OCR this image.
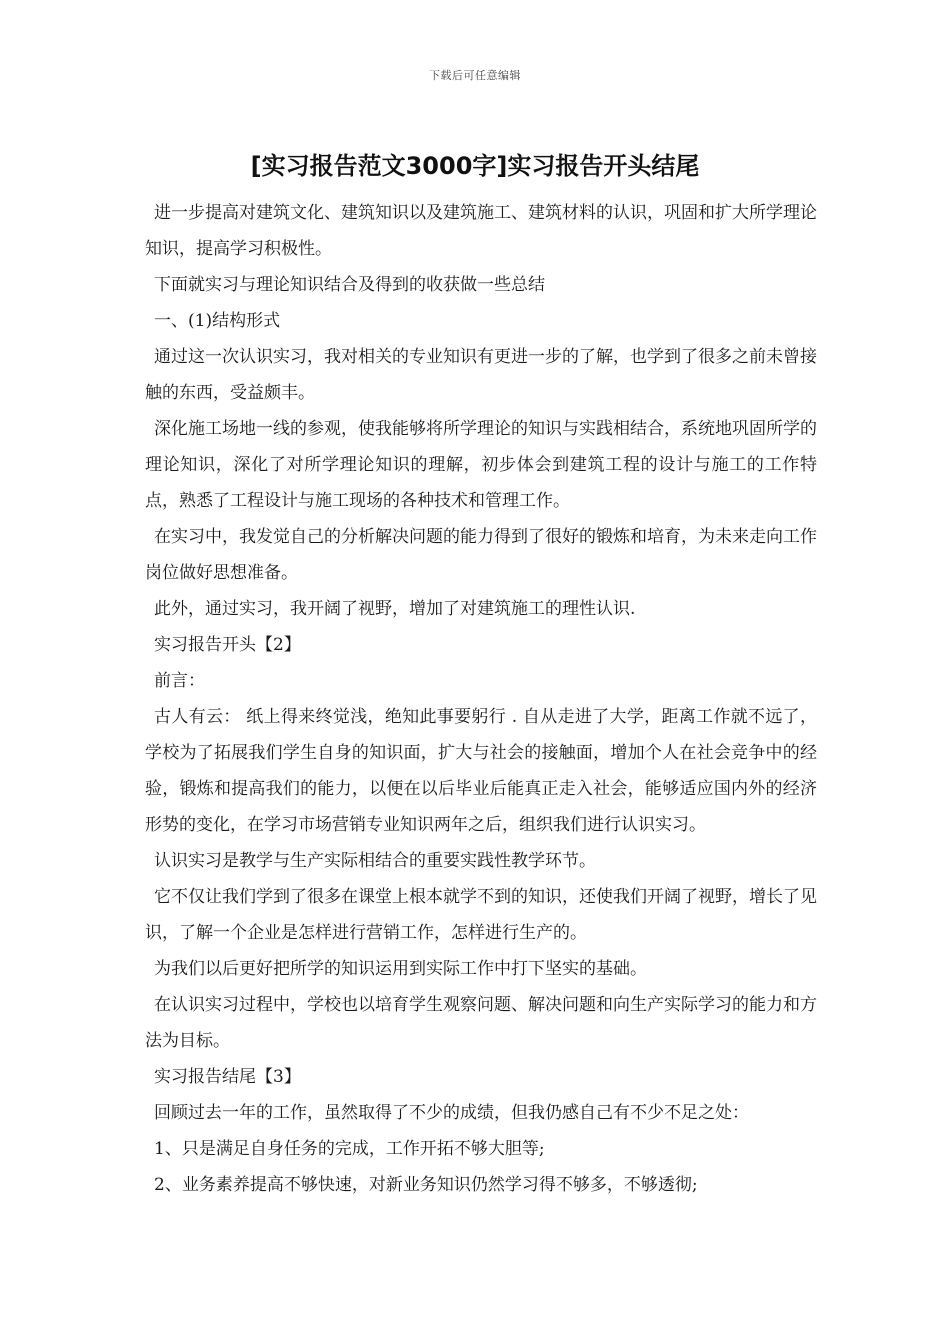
下载后可任意编辑
[实习报告范文3000字]实习报告开头结尾

进一步提高对建筑文化、建筑知识以及建筑施工、建筑材料的认识，巩固和扩大所学理论知识，提高学习积极性。

下面就实习与理论知识结合及得到的收获做一些总结

一、(1)结构形式

通过这一次认识实习，我对相关的专业知识有更进一步的了解，也学到了很多之前未曾接触的东西，受益颇丰。

深化施工场地一线的参观，使我能够将所学理论的知识与实践相结合，系统地巩固所学的理论知识，深化了对所学理论知识的理解，初步体会到建筑工程的设计与施工的工作特点，熟悉了工程设计与施工现场的各种技术和管理工作。

在实习中，我发觉自己的分析解决问题的能力得到了很好的锻炼和培育，为未来走向工作岗位做好思想准备。

此外，通过实习，我开阔了视野，增加了对建筑施工的理性认识.

实习报告开头【2】

前言：

古人有云： 纸上得来终觉浅，绝知此事要躬行 . 自从走进了大学，距离工作就不远了，学校为了拓展我们学生自身的知识面，扩大与社会的接触面，增加个人在社会竞争中的经验，锻炼和提高我们的能力，以便在以后毕业后能真正走入社会，能够适应国内外的经济形势的变化，在学习市场营销专业知识两年之后，组织我们进行认识实习。

认识实习是教学与生产实际相结合的重要实践性教学环节。

它不仅让我们学到了很多在课堂上根本就学不到的知识，还使我们开阔了视野，增长了见识，了解一个企业是怎样进行营销工作，怎样进行生产的。

为我们以后更好把所学的知识运用到实际工作中打下坚实的基础。

在认识实习过程中，学校也以培育学生观察问题、解决问题和向生产实际学习的能力和方法为目标。

实习报告结尾【3】

回顾过去一年的工作，虽然取得了不少的成绩，但我仍感自己有不少不足之处：

1、只是满足自身任务的完成，工作开拓不够大胆等;

2、业务素养提高不够快速，对新业务知识仍然学习得不够多，不够透彻;
